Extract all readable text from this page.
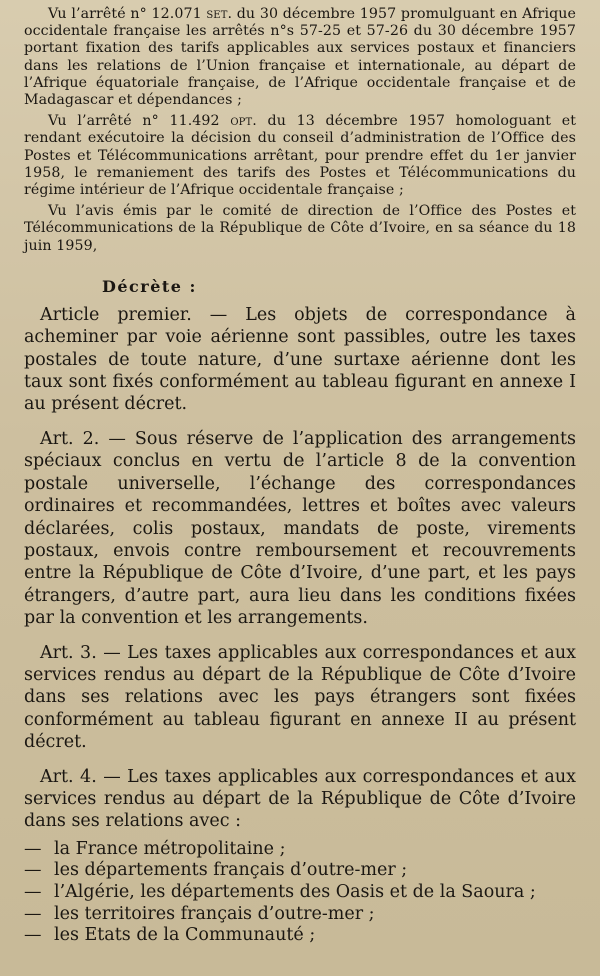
Vu l’arrêté n° 12.071 set. du 30 décembre 1957 promulguant en Afrique occidentale française les arrêtés n°s 57-25 et 57-26 du 30 décembre 1957 portant fixation des tarifs applicables aux services postaux et financiers dans les relations de l’Union française et internationale, au départ de l’Afrique équatoriale française, de l’Afrique occidentale française et de Madagascar et dépendances ;

Vu l’arrêté n° 11.492 opt. du 13 décembre 1957 homologuant et rendant exécutoire la décision du conseil d’administration de l’Office des Postes et Télécommunications arrêtant, pour prendre effet du 1er janvier 1958, le remaniement des tarifs des Postes et Télécommunications du régime intérieur de l’Afrique occidentale française ;

Vu l’avis émis par le comité de direction de l’Office des Postes et Télécommunications de la République de Côte d’Ivoire, en sa séance du 18 juin 1959,

Décrète :

Article premier. — Les objets de correspondance à acheminer par voie aérienne sont passibles, outre les taxes postales de toute nature, d’une surtaxe aérienne dont les taux sont fixés conformément au tableau figurant en annexe I au présent décret.

Art. 2. — Sous réserve de l’application des arrangements spéciaux conclus en vertu de l’article 8 de la convention postale universelle, l’échange des correspondances ordinaires et recommandées, lettres et boîtes avec valeurs déclarées, colis postaux, mandats de poste, virements postaux, envois contre remboursement et recouvrements entre la République de Côte d’Ivoire, d’une part, et les pays étrangers, d’autre part, aura lieu dans les conditions fixées par la convention et les arrangements.

Art. 3. — Les taxes applicables aux correspondances et aux services rendus au départ de la République de Côte d’Ivoire dans ses relations avec les pays étrangers sont fixées conformément au tableau figurant en annexe II au présent décret.

Art. 4. — Les taxes applicables aux correspondances et aux services rendus au départ de la République de Côte d’Ivoire dans ses relations avec :

— la France métropolitaine ;
— les départements français d’outre-mer ;
— l’Algérie, les départements des Oasis et de la Saoura ;
— les territoires français d’outre-mer ;
— les Etats de la Communauté ;
